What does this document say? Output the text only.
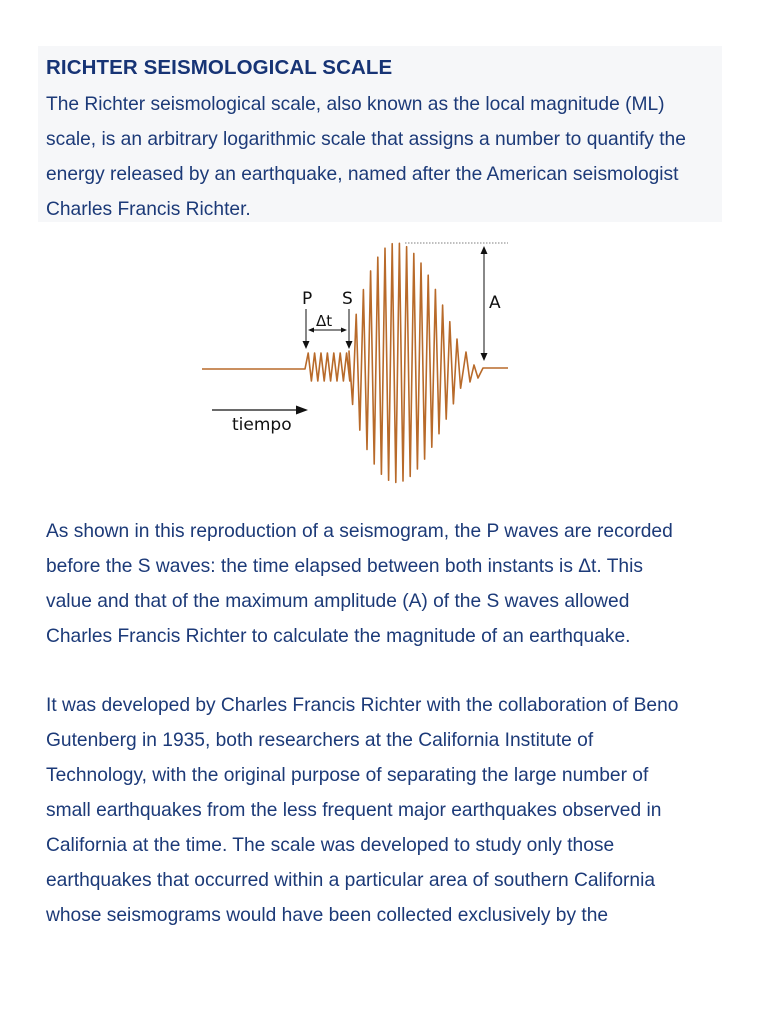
RICHTER SEISMOLOGICAL SCALE
The Richter seismological scale, also known as the local magnitude (ML)
scale, is an arbitrary logarithmic scale that assigns a number to quantify the
energy released by an earthquake, named after the American seismologist
Charles Francis Richter.
A
P S
Δt
tiempo
As shown in this reproduction of a seismogram, the P waves are recorded
before the S waves: the time elapsed between both instants is Δt. This
value and that of the maximum amplitude (A) of the S waves allowed
Charles Francis Richter to calculate the magnitude of an earthquake.
It was developed by Charles Francis Richter with the collaboration of Beno
Gutenberg in 1935, both researchers at the California Institute of
Technology, with the original purpose of separating the large number of
small earthquakes from the less frequent major earthquakes observed in
California at the time. The scale was developed to study only those
earthquakes that occurred within a particular area of southern California
whose seismograms would have been collected exclusively by the
